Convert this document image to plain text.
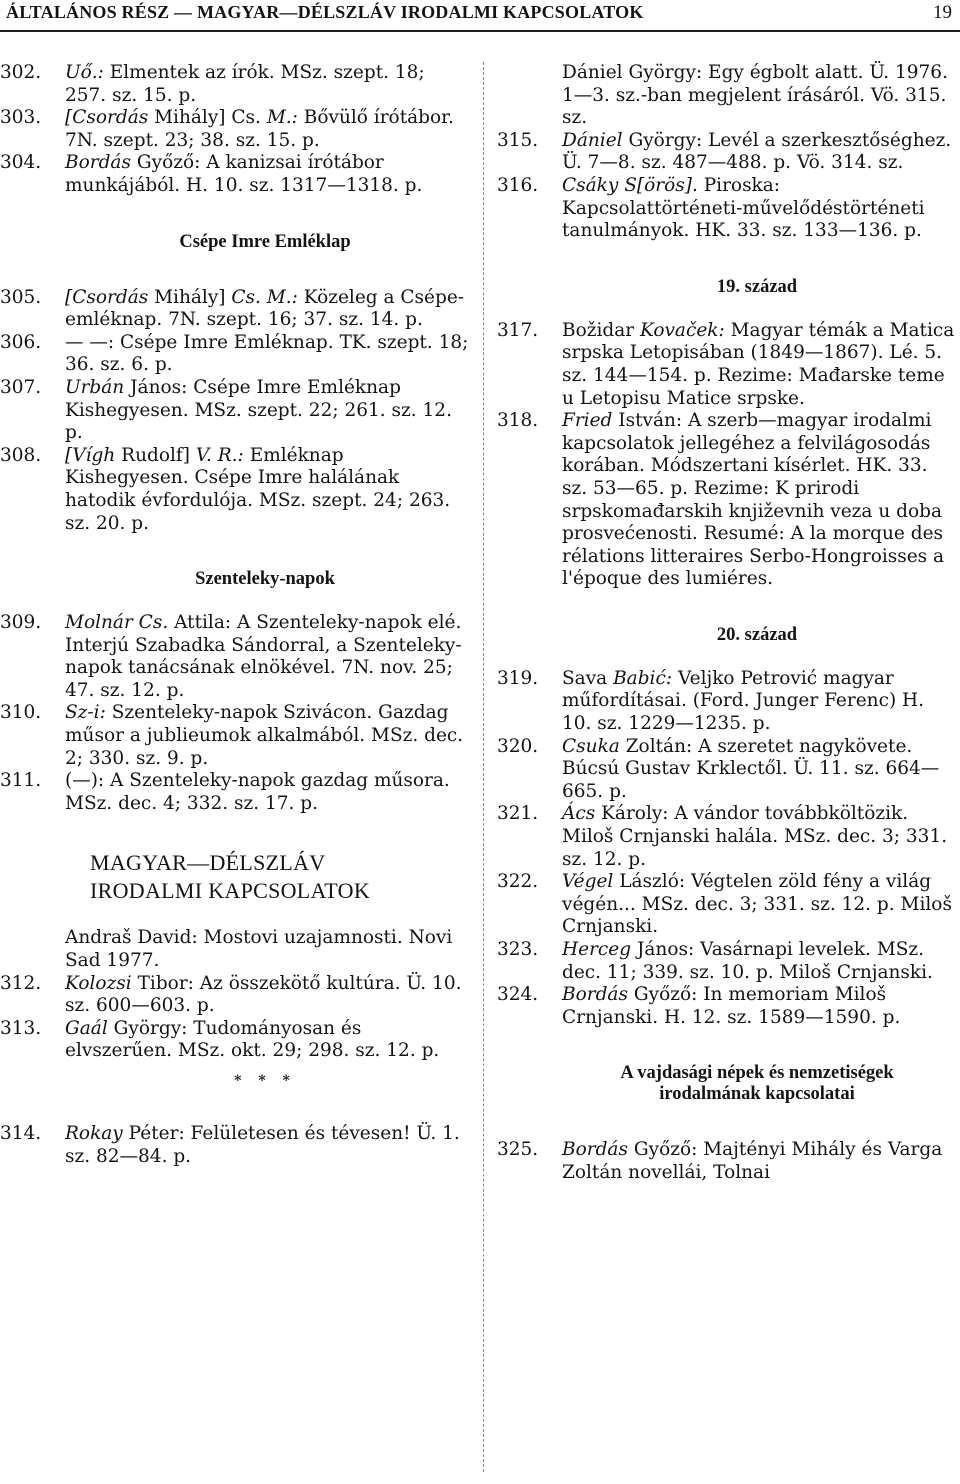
ÁLTALÁNOS RÉSZ — MAGYAR—DÉLSZLÁV IRODALMI KAPCSOLATOK	19
302. Uő.: Elmentek az írók. MSz. szept. 18; 257. sz. 15. p.
303. [Csordás Mihály] Cs. M.: Bővülő írótábor. 7N. szept. 23; 38. sz. 15. p.
304. Bordás Győző: A kanizsai írótábor munkájából. H. 10. sz. 1317—1318. p.
Csépe Imre Emléklap
305. [Csordás Mihály] Cs. M.: Közeleg a Csépe-emléknap. 7N. szept. 16; 37. sz. 14. p.
306. — —: Csépe Imre Emléknap. TK. szept. 18; 36. sz. 6. p.
307. Urbán János: Csépe Imre Emléknap Kishegyesen. MSz. szept. 22; 261. sz. 12. p.
308. [Vígh Rudolf] V. R.: Emléknap Kishegyesen. Csépe Imre halálának hatodik évfordulója. MSz. szept. 24; 263. sz. 20. p.
Szenteleky-napok
309. Molnár Cs. Attila: A Szenteleky-napok elé. Interjú Szabadka Sándorral, a Szenteleky-napok tanácsának elnökével. 7N. nov. 25; 47. sz. 12. p.
310. Sz-i: Szenteleky-napok Szivácon. Gazdag műsor a jublieumok alkalmából. MSz. dec. 2; 330. sz. 9. p.
311. (—): A Szenteleky-napok gazdag műsora. MSz. dec. 4; 332. sz. 17. p.
MAGYAR—DÉLSZLÁV
IRODALMI KAPCSOLATOK
Andraš David: Mostovi uzajamnosti. Novi Sad 1977.
312. Kolozsi Tibor: Az összekötő kultúra. Ü. 10. sz. 600—603. p.
313. Gaál György: Tudományosan és elvszerűen. MSz. okt. 29; 298. sz. 12. p.
* * *
314. Rokay Péter: Felületesen és tévesen! Ü. 1. sz. 82—84. p.
Dániel György: Egy égbolt alatt. Ü. 1976. 1—3. sz.-ban megjelent írásáról. Vö. 315. sz.
315. Dániel György: Levél a szerkesztőséghez. Ü. 7—8. sz. 487—488. p. Vö. 314. sz.
316. Csáky S[örös]. Piroska: Kapcsolattörténeti-művelődéstörténeti tanulmányok. HK. 33. sz. 133—136. p.
19. század
317. Božidar Kovaček: Magyar témák a Matica srpska Letopisában (1849—1867). Lé. 5. sz. 144—154. p. Rezime: Mađarske teme u Letopisu Matice srpske.
318. Fried István: A szerb—magyar irodalmi kapcsolatok jellegéhez a felvilágosodás korában. Módszertani kísérlet. HK. 33. sz. 53—65. p. Rezime: K prirodi srpskomađarskih književnih veza u doba prosvećenosti. Resumé: A la morque des rélations litteraires Serbo-Hongroisses a l'époque des lumiéres.
20. század
319. Sava Babić: Veljko Petrović magyar műfordításai. (Ford. Junger Ferenc) H. 10. sz. 1229—1235. p.
320. Csuka Zoltán: A szeretet nagykövete. Búcsú Gustav Krklectől. Ü. 11. sz. 664—665. p.
321. Ács Károly: A vándor továbbköltözik. Miloš Crnjanski halála. MSz. dec. 3; 331. sz. 12. p.
322. Végel László: Végtelen zöld fény a világ végén... MSz. dec. 3; 331. sz. 12. p. Miloš Crnjanski.
323. Herceg János: Vasárnapi levelek. MSz. dec. 11; 339. sz. 10. p. Miloš Crnjanski.
324. Bordás Győző: In memoriam Miloš Crnjanski. H. 12. sz. 1589—1590. p.
A vajdasági népek és nemzetiségek
irodalmának kapcsolatai
325. Bordás Győző: Majtényi Mihály és Varga Zoltán novellái, Tolnai
